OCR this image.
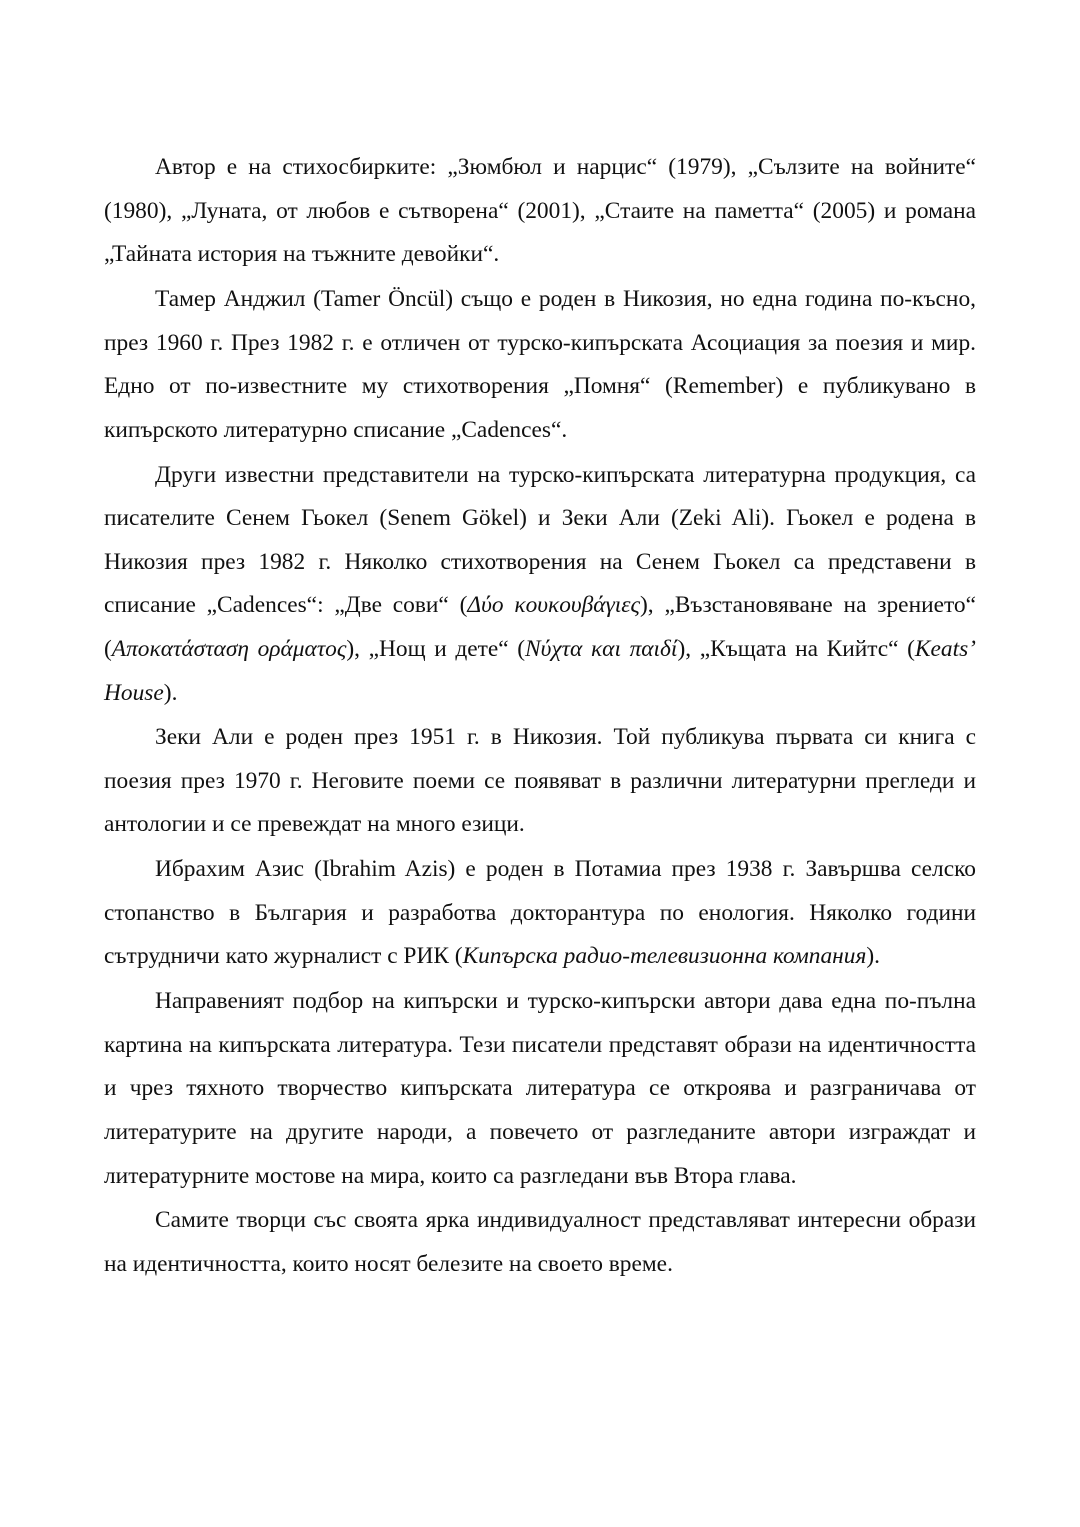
Автор е на стихосбирките: „Зюмбюл и нарцис“ (1979), „Сълзите на войните“ (1980), „Луната, от любов е сътворена“ (2001), „Стаите на паметта“ (2005) и романа „Тайната история на тъжните девойки“.

Тамер Анджил (Tamer Öncül) също е роден в Никозия, но една година по-късно, през 1960 г. През 1982 г. е отличен от турско-кипърската Асоциация за поезия и мир. Едно от по-известните му стихотворения „Помня“ (Remember) е публикувано в кипърското литературно списание „Cadences“.

Други известни представители на турско-кипърската литературна продукция, са писателите Сенем Гьокел (Senem Gökel) и Зеки Али (Zeki Ali). Гьокел е родена в Никозия през 1982 г. Няколко стихотворения на Сенем Гьокел са представени в списание „Cadences“: „Две сови“ (Δύο κουκουβάγιες), „Възстановяване на зрението“ (Αποκατάσταση οράματος), „Нощ и дете“ (Νύχτα και παιδί), „Къщата на Кийтс“ (Keats’ House).

Зеки Али е роден през 1951 г. в Никозия. Той публикува първата си книга с поезия през 1970 г. Неговите поеми се появяват в различни литературни прегледи и антологии и се превеждат на много езици.

Ибрахим Азис (Ibrahim Azis) е роден в Потамиа през 1938 г. Завършва селско стопанство в България и разработва докторантура по енология. Няколко години сътрудничи като журналист с РИК (Кипърска радио-телевизионна компания).

Направеният подбор на кипърски и турско-кипърски автори дава една по-пълна картина на кипърската литература. Тези писатели представят образи на идентичността и чрез тяхното творчество кипърската литература се откроява и разграничава от литературите на другите народи, а повечето от разгледаните автори изграждат и литературните мостове на мира, които са разгледани във Втора глава.

Самите творци със своята ярка индивидуалност представляват интересни образи на идентичността, които носят белезите на своето време.
